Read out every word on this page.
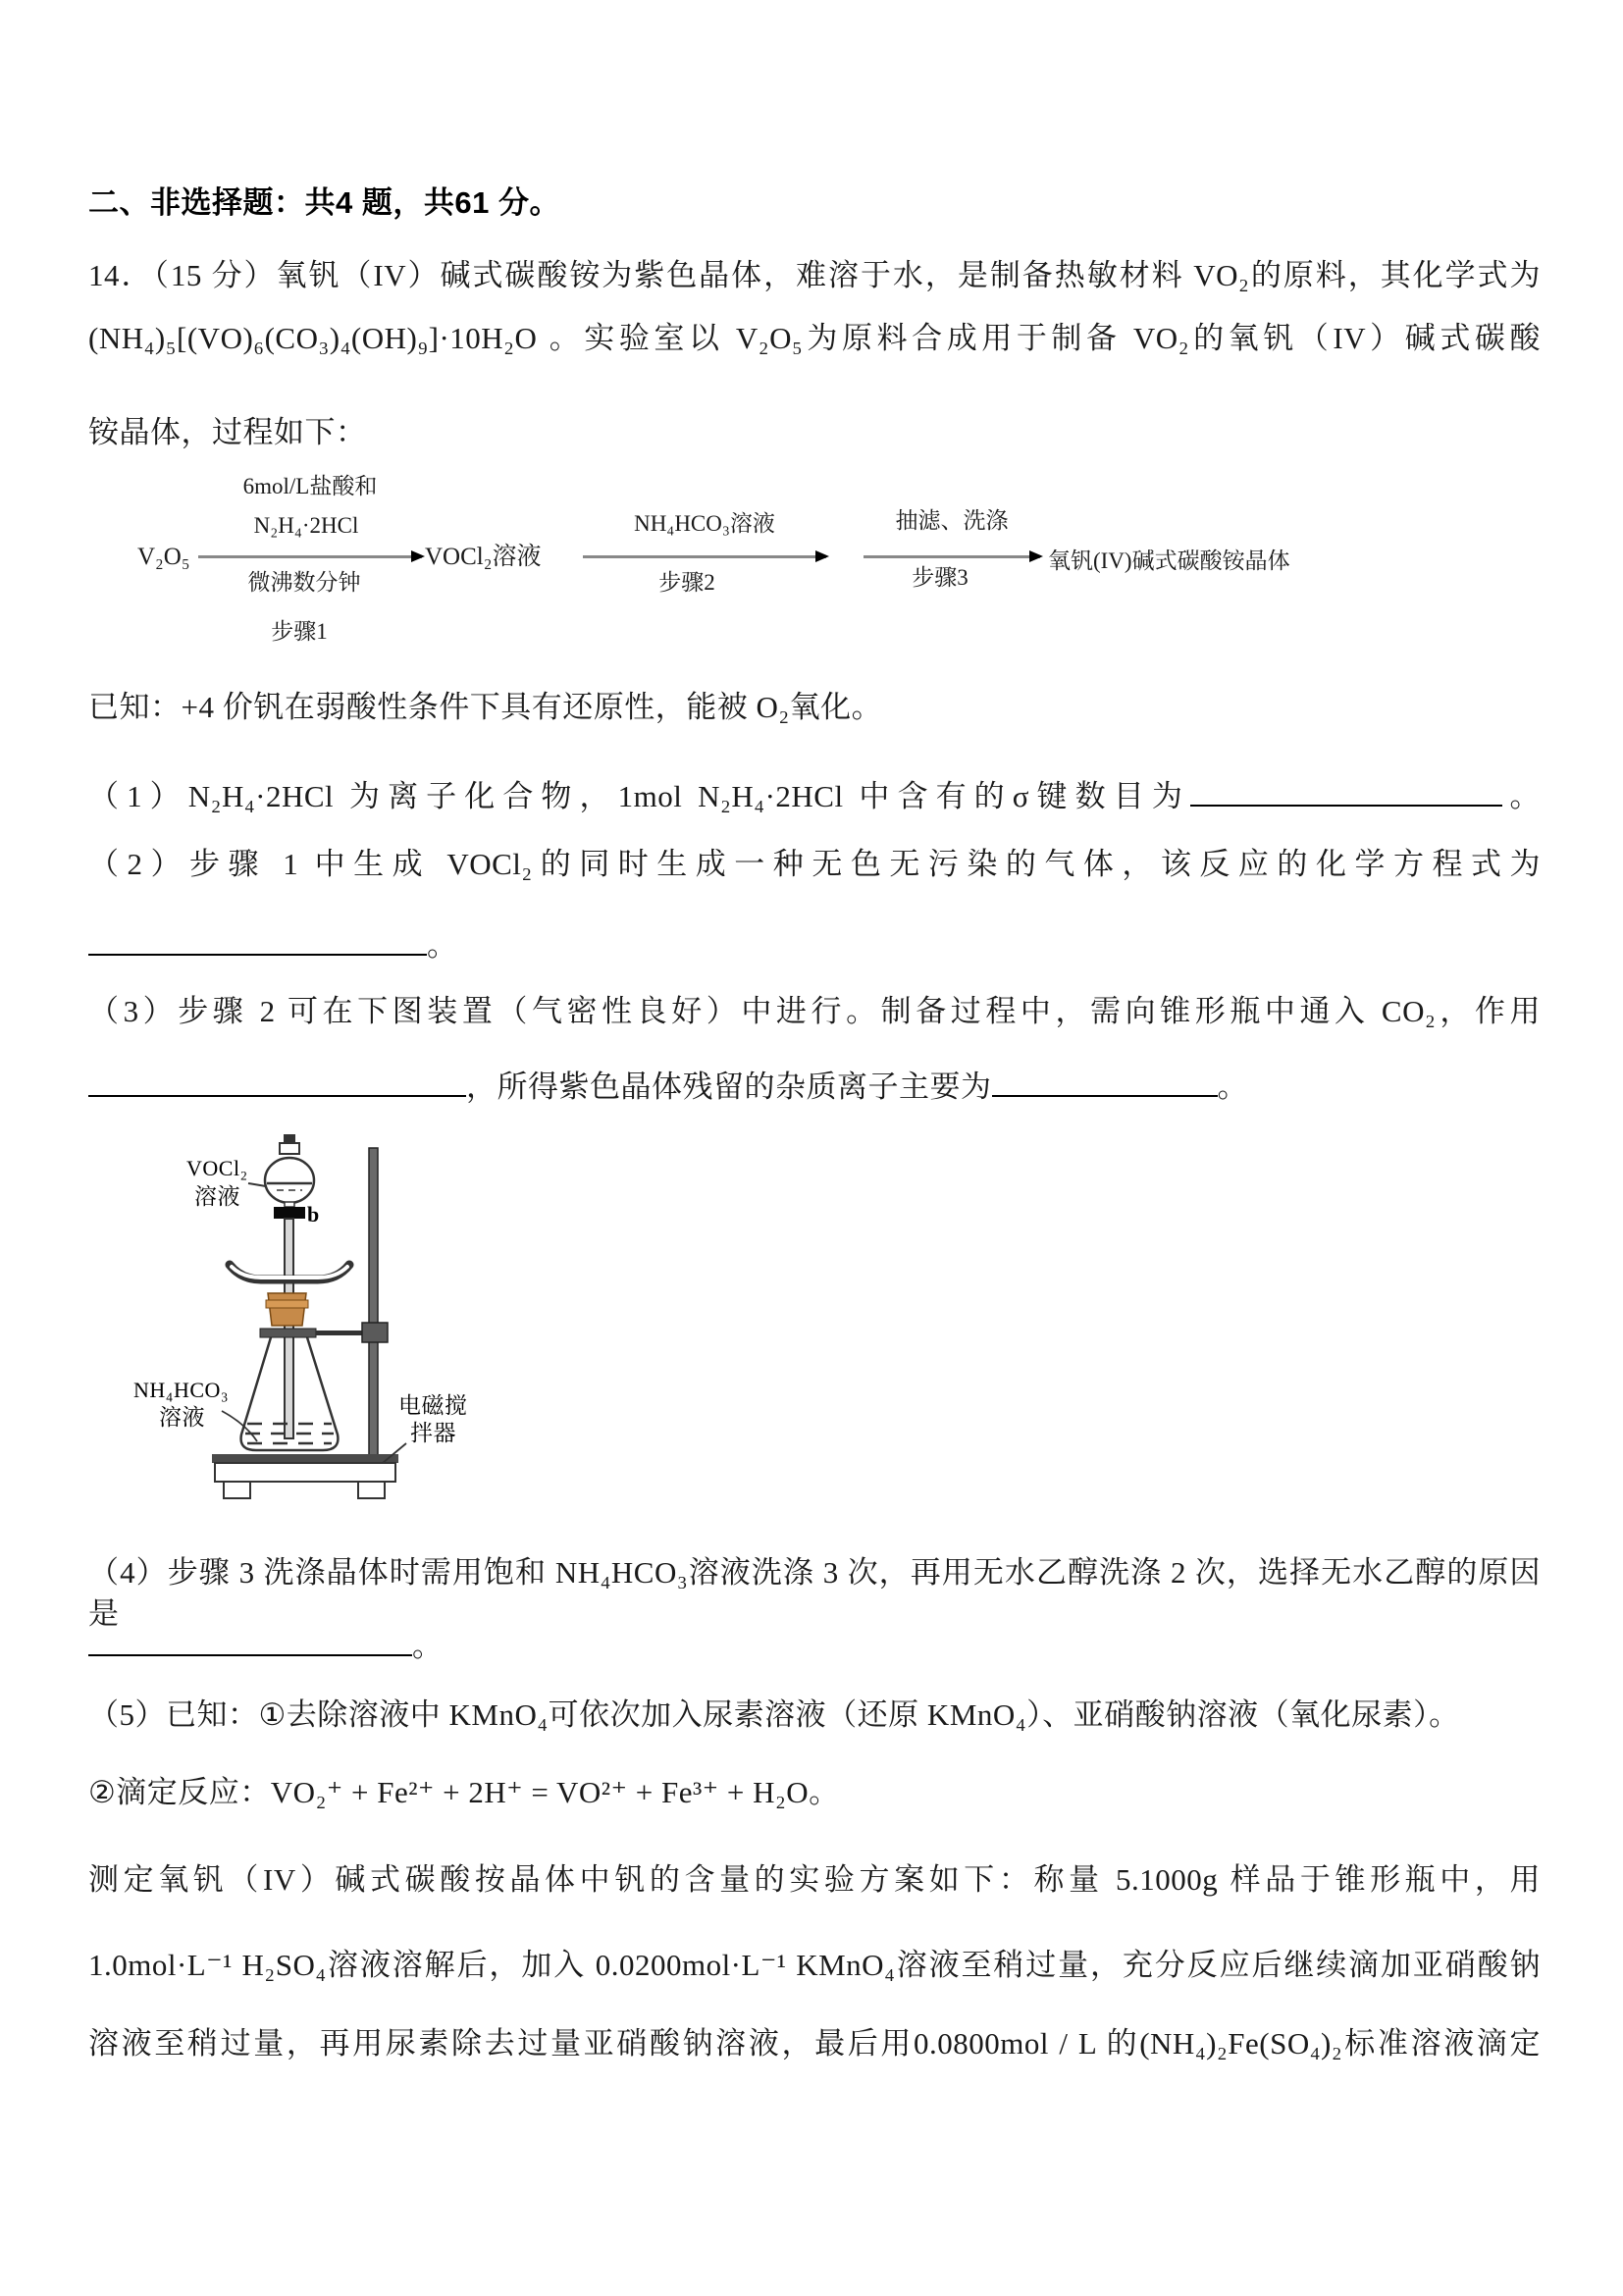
二、非选择题：共4 题，共61 分。
14．（15 分）氧钒（IV）碱式碳酸铵为紫色晶体，难溶于水，是制备热敏材料 VO₂的原料，其化学式为
(NH₄)₅[(VO)₆(CO₃)₄(OH)₉]·10H₂O 。实验室以 V₂O₅为原料合成用于制备 VO₂的氧钒（IV）碱式碳酸
铵晶体，过程如下：
V₂O₅
6mol/L盐酸和
N₂H₄·2HCl
微沸数分钟
步骤1
VOCl₂溶液
NH₄HCO₃溶液
步骤2
抽滤、洗涤
步骤3
氧钒(IV)碱式碳酸铵晶体
已知：+4 价钒在弱酸性条件下具有还原性，能被 O₂氧化。
（1）N₂H₄·2HCl 为离子化合物，1mol N₂H₄·2HCl 中含有的σ键数目为	。
（2）步骤 1 中生成 VOCl₂的同时生成一种无色无污染的气体，该反应的化学方程式为
。
（3）步骤 2 可在下图装置（气密性良好）中进行。制备过程中，需向锥形瓶中通入 CO₂，作用
，所得紫色晶体残留的杂质离子主要为	。
VOCl₂
溶液
b
NH₄HCO₃
溶液	电磁搅
拌器
（4）步骤 3 洗涤晶体时需用饱和 NH₄HCO₃溶液洗涤 3 次，再用无水乙醇洗涤 2 次，选择无水乙醇的原因是
。
（5）已知：①去除溶液中 KMnO₄可依次加入尿素溶液（还原 KMnO₄）、亚硝酸钠溶液（氧化尿素）。
②滴定反应：VO₂⁺ + Fe²⁺ + 2H⁺ = VO²⁺ + Fe³⁺ + H₂O。
测定氧钒（IV）碱式碳酸按晶体中钒的含量的实验方案如下：称量 5.1000g 样品于锥形瓶中，用
1.0mol·L⁻¹ H₂SO₄溶液溶解后，加入 0.0200mol·L⁻¹ KMnO₄溶液至稍过量，充分反应后继续滴加亚硝酸钠
溶液至稍过量，再用尿素除去过量亚硝酸钠溶液，最后用0.0800mol / L 的(NH₄)₂Fe(SO₄)₂标准溶液滴定
